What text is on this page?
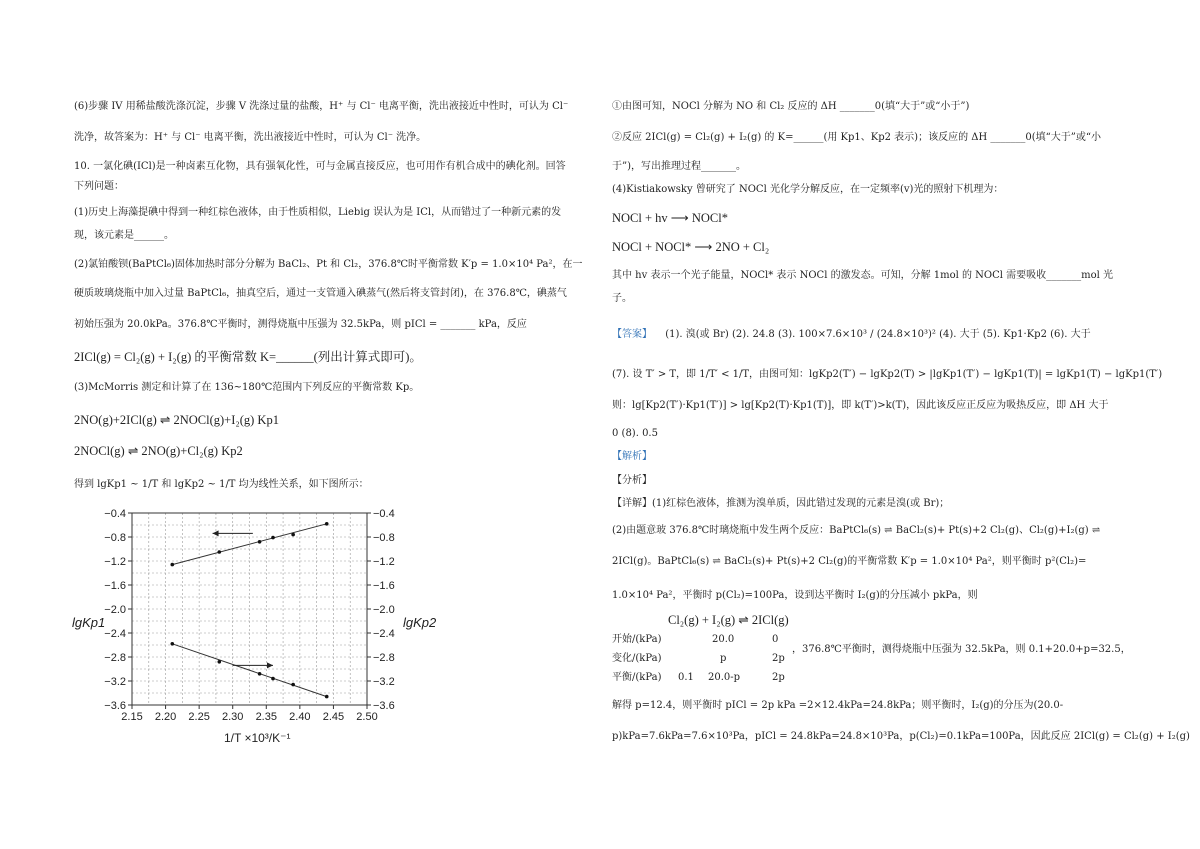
(6)步骤 IV 用稀盐酸洗涤沉淀，步骤 V 洗涤过量的盐酸，H⁺ 与 Cl⁻ 电离平衡，洗出液接近中性时，可认为 Cl⁻
洗净，故答案为：H⁺ 与 Cl⁻ 电离平衡，洗出液接近中性时，可认为 Cl⁻ 洗净。
10. 一氯化碘(ICl)是一种卤素互化物，具有强氧化性，可与金属直接反应，也可用作有机合成中的碘化剂。回答
下列问题：
(1)历史上海藻提碘中得到一种红棕色液体，由于性质相似，Liebig 误认为是 ICl，从而错过了一种新元素的发
现，该元素是______。
(2)氯铂酸钡(BaPtCl₆)固体加热时部分分解为 BaCl₂、Pt 和 Cl₂，376.8℃时平衡常数 K′p = 1.0×10⁴ Pa²，在一
硬质玻璃烧瓶中加入过量 BaPtCl₆，抽真空后，通过一支管通入碘蒸气(然后将支管封闭)，在 376.8℃，碘蒸气
初始压强为 20.0kPa。376.8℃平衡时，测得烧瓶中压强为 32.5kPa，则 pICl = _______ kPa，反应
2ICl(g) = Cl₂(g) + I₂(g) 的平衡常数 K=______(列出计算式即可)。
(3)McMorris 测定和计算了在 136~180℃范围内下列反应的平衡常数 Kp。
2NO(g)+2ICl(g) ⇌ 2NOCl(g)+I₂(g) Kp1
2NOCl(g) ⇌ 2NO(g)+Cl₂(g) Kp2
得到 lgKp1 ~ 1/T 和 lgKp2 ~ 1/T 均为线性关系，如下图所示：
2.15 2.20 2.25 2.30 2.35 2.40 2.45 2.50
−0.4	−0.4
−0.8	−0.8
−1.2	−1.2
−1.6	−1.6
−2.0	−2.0
−2.4	−2.4
−2.8	−2.8
−3.2	−3.2
−3.6	−3.6
lgKp1	lgKp2
1/T ×10³/K⁻¹
①由图可知，NOCl 分解为 NO 和 Cl₂ 反应的 ΔH _______0(填“大于”或“小于”)
②反应 2ICl(g) = Cl₂(g) + I₂(g) 的 K=______(用 Kp1、Kp2 表示)；该反应的 ΔH _______0(填“大于”或“小
于”)，写出推理过程_______。
(4)Kistiakowsky 曾研究了 NOCl 光化学分解反应，在一定频率(v)光的照射下机理为：
NOCl + hv ⟶ NOCl*
NOCl + NOCl* ⟶ 2NO + Cl₂
其中 hv 表示一个光子能量，NOCl* 表示 NOCl 的激发态。可知，分解 1mol 的 NOCl 需要吸收_______mol 光
子。
【答案】 (1). 溴(或 Br) (2). 24.8 (3). 100×7.6×10³ / (24.8×10³)² (4). 大于 (5). Kp1·Kp2 (6). 大于
(7). 设 T′ > T，即 1/T′ < 1/T，由图可知：lgKp2(T′) − lgKp2(T) > |lgKp1(T′) − lgKp1(T)| = lgKp1(T) − lgKp1(T′)
则：lg[Kp2(T′)·Kp1(T′)] > lg[Kp2(T)·Kp1(T)]，即 k(T′)>k(T)，因此该反应正反应为吸热反应，即 ΔH 大于
0 (8). 0.5
【解析】
【分析】
【详解】(1)红棕色液体，推测为溴单质，因此错过发现的元素是溴(或 Br)；
(2)由题意玻 376.8℃时璃烧瓶中发生两个反应：BaPtCl₆(s) ⇌ BaCl₂(s)+ Pt(s)+2 Cl₂(g)、Cl₂(g)+I₂(g) ⇌
2ICl(g)。BaPtCl₆(s) ⇌ BaCl₂(s)+ Pt(s)+2 Cl₂(g)的平衡常数 K′p = 1.0×10⁴ Pa²，则平衡时 p²(Cl₂)=
1.0×10⁴ Pa²，平衡时 p(Cl₂)=100Pa，设到达平衡时 I₂(g)的分压减小 pkPa，则
Cl₂(g) + I₂(g) ⇌ 2ICl(g)
开始/(kPa)	20.0	0
变化/(kPa)	p	2p
平衡/(kPa) 0.1 20.0-p	2p
，376.8℃平衡时，测得烧瓶中压强为 32.5kPa，则 0.1+20.0+p=32.5，
解得 p=12.4，则平衡时 pICl = 2p kPa =2×12.4kPa=24.8kPa；则平衡时，I₂(g)的分压为(20.0-
p)kPa=7.6kPa=7.6×10³Pa，pICl = 24.8kPa=24.8×10³Pa，p(Cl₂)=0.1kPa=100Pa，因此反应 2ICl(g) = Cl₂(g) + I₂(g)
